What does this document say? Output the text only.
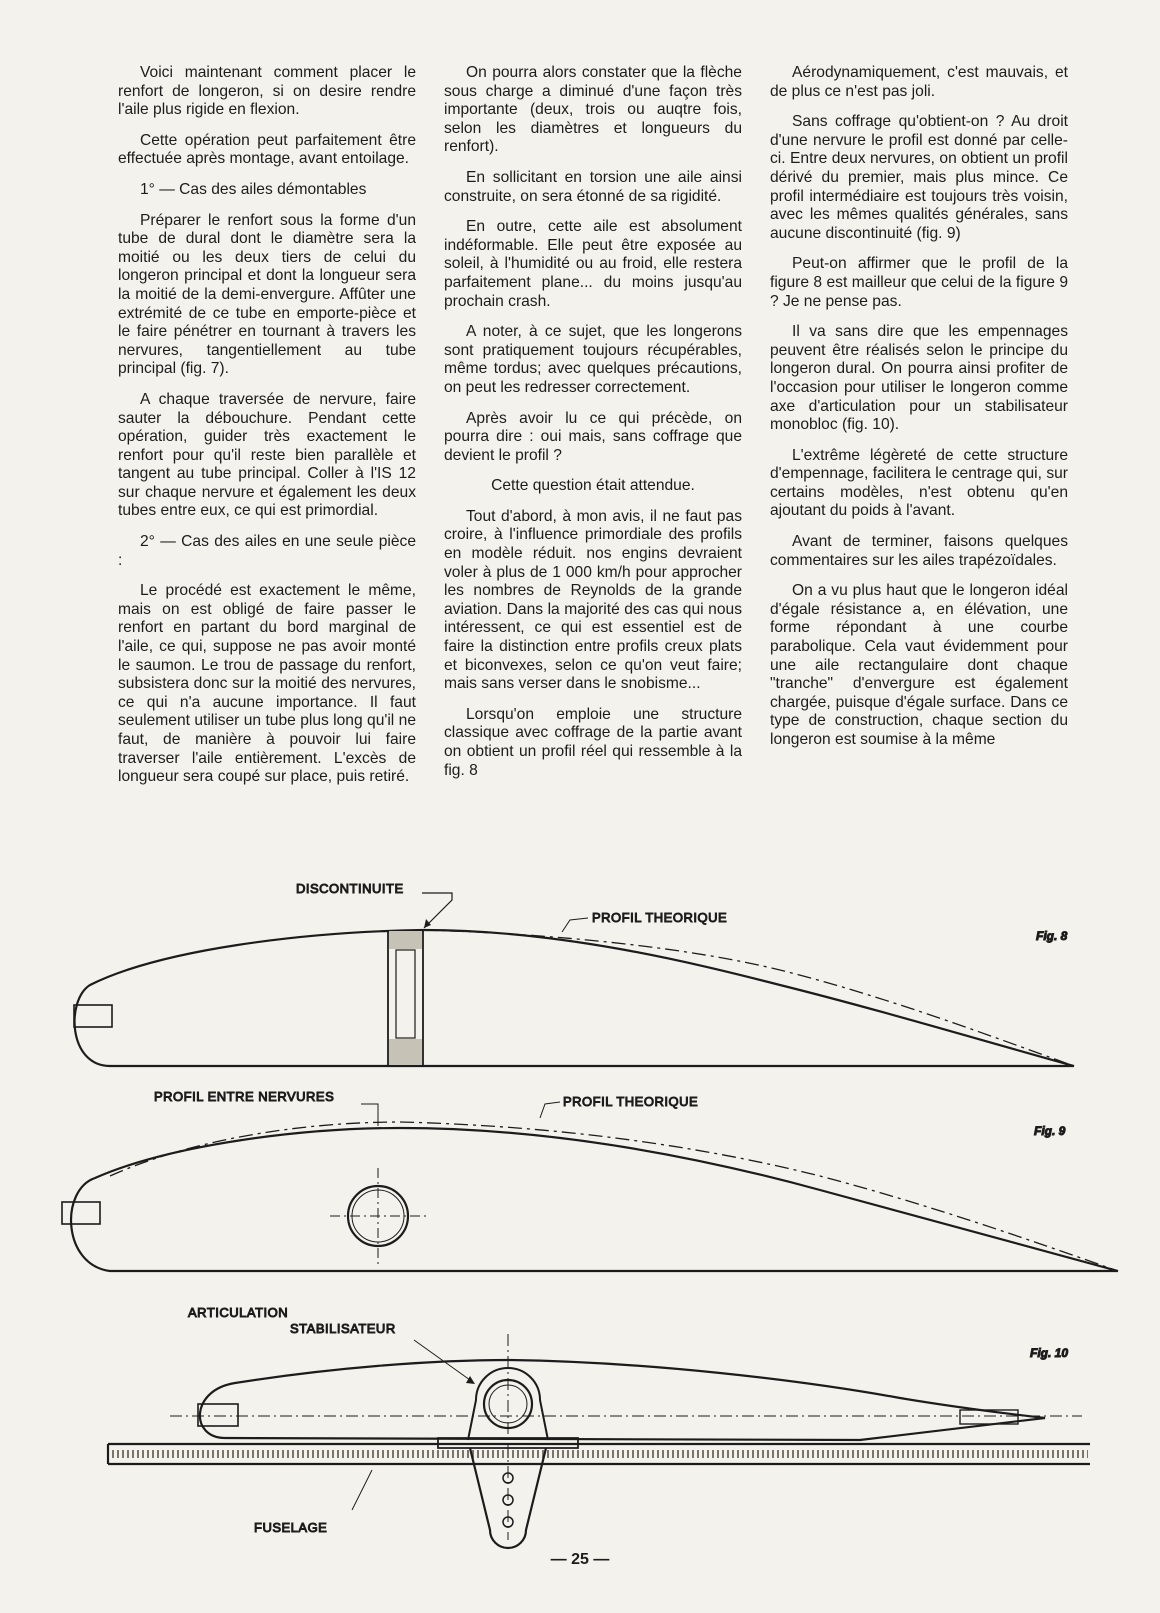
Voici maintenant comment placer le renfort de longeron, si on desire rendre l'aile plus rigide en flexion.

Cette opération peut parfaitement être effectuée après montage, avant entoilage.

1° — Cas des ailes démontables

Préparer le renfort sous la forme d'un tube de dural dont le diamètre sera la moitié ou les deux tiers de celui du longeron principal et dont la longueur sera la moitié de la demi-envergure. Affûter une extrémité de ce tube en emporte-pièce et le faire pénétrer en tournant à travers les nervures, tangentiellement au tube principal (fig. 7).

A chaque traversée de nervure, faire sauter la débouchure. Pendant cette opération, guider très exactement le renfort pour qu'il reste bien parallèle et tangent au tube principal. Coller à l'IS 12 sur chaque nervure et également les deux tubes entre eux, ce qui est primordial.

2° — Cas des ailes en une seule pièce :

Le procédé est exactement le même, mais on est obligé de faire passer le renfort en partant du bord marginal de l'aile, ce qui, suppose ne pas avoir monté le saumon. Le trou de passage du renfort, subsistera donc sur la moitié des nervures, ce qui n'a aucune importance. Il faut seulement utiliser un tube plus long qu'il ne faut, de manière à pouvoir lui faire traverser l'aile entièrement. L'excès de longueur sera coupé sur place, puis retiré.

On pourra alors constater que la flèche sous charge a diminué d'une façon très importante (deux, trois ou auqtre fois, selon les diamètres et longueurs du renfort).

En sollicitant en torsion une aile ainsi construite, on sera étonné de sa rigidité.

En outre, cette aile est absolument indéformable. Elle peut être exposée au soleil, à l'humidité ou au froid, elle restera parfaitement plane... du moins jusqu'au prochain crash.

A noter, à ce sujet, que les longerons sont pratiquement toujours récupérables, même tordus; avec quelques précautions, on peut les redresser correctement.

Après avoir lu ce qui précède, on pourra dire : oui mais, sans coffrage que devient le profil ?

Cette question était attendue.

Tout d'abord, à mon avis, il ne faut pas croire, à l'influence primordiale des profils en modèle réduit. nos engins devraient voler à plus de 1 000 km/h pour approcher les nombres de Reynolds de la grande aviation. Dans la majorité des cas qui nous intéressent, ce qui est essentiel est de faire la distinction entre profils creux plats et biconvexes, selon ce qu'on veut faire; mais sans verser dans le snobisme...

Lorsqu'on emploie une structure classique avec coffrage de la partie avant on obtient un profil réel qui ressemble à la fig. 8

Aérodynamiquement, c'est mauvais, et de plus ce n'est pas joli.

Sans coffrage qu'obtient-on ? Au droit d'une nervure le profil est donné par celle-ci. Entre deux nervures, on obtient un profil dérivé du premier, mais plus mince. Ce profil intermédiaire est toujours très voisin, avec les mêmes qualités générales, sans aucune discontinuité (fig. 9)

Peut-on affirmer que le profil de la figure 8 est mailleur que celui de la figure 9 ? Je ne pense pas.

Il va sans dire que les empennages peuvent être réalisés selon le principe du longeron dural. On pourra ainsi profiter de l'occasion pour utiliser le longeron comme axe d'articulation pour un stabilisateur monobloc (fig. 10).

L'extrême légèreté de cette structure d'empennage, facilitera le centrage qui, sur certains modèles, n'est obtenu qu'en ajoutant du poids à l'avant.

Avant de terminer, faisons quelques commentaires sur les ailes trapézoïdales.

On a vu plus haut que le longeron idéal d'égale résistance a, en élévation, une forme répondant à une courbe parabolique. Cela vaut évidemment pour une aile rectangulaire dont chaque "tranche" d'envergure est également chargée, puisque d'égale surface. Dans ce type de construction, chaque section du longeron est soumise à la même

DISCONTINUITE
PROFIL THEORIQUE
Fig. 8
PROFIL ENTRE NERVURES	PROFIL THEORIQUE
Fig. 9
ARTICULATION
STABILISATEUR
FUSELAGE
Fig. 10
— 25 —
